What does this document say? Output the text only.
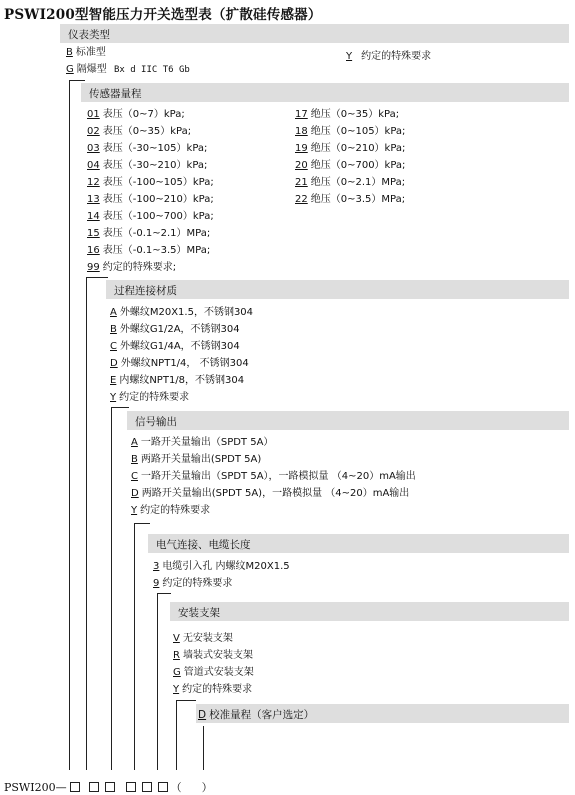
PSWI200型智能压力开关选型表（扩散硅传感器）
仪表类型
B 标准型
G 隔爆型 Bx d IIC T6 Gb
Y 约定的特殊要求
传感器量程
01 表压（0~7）kPa;
02 表压（0~35）kPa;
03 表压（-30~105）kPa;
04 表压（-30~210）kPa;
12 表压（-100~105）kPa;
13 表压（-100~210）kPa;
14 表压（-100~700）kPa;
15 表压（-0.1~2.1）MPa;
16 表压（-0.1~3.5）MPa;
99 约定的特殊要求;
17 绝压（0~35）kPa;
18 绝压（0~105）kPa;
19 绝压（0~210）kPa;
20 绝压（0~700）kPa;
21 绝压（0~2.1）MPa;
22 绝压（0~3.5）MPa;
过程连接材质
A 外螺纹M20X1.5，不锈钢304
B 外螺纹G1/2A，不锈钢304
C 外螺纹G1/4A，不锈钢304
D 外螺纹NPT1/4， 不锈钢304
E 内螺纹NPT1/8，不锈钢304
Y 约定的特殊要求
信号输出
A 一路开关量输出（SPDT 5A）
B 两路开关量输出(SPDT 5A)
C 一路开关量输出（SPDT 5A），一路模拟量 （4~20）mA输出
D 两路开关量输出(SPDT 5A)，一路模拟量 （4~20）mA输出
Y 约定的特殊要求
电气连接、电缆长度
3 电缆引入孔 内螺纹M20X1.5
9 约定的特殊要求
安装支架
V 无安装支架
R 墙装式安装支架
G 管道式安装支架
Y 约定的特殊要求
D 校准量程（客户选定）
PSWI200—	（ ）
